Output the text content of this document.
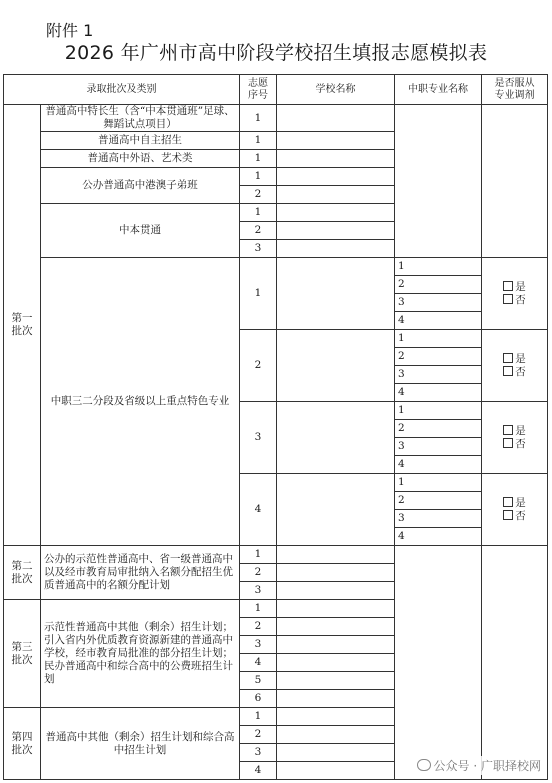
附件 1
2026 年广州市高中阶段学校招生填报志愿模拟表
录取批次及类别		志愿
序号	学校名称	中职专业名称	是否服从
专业调剂
第一
批次	普通高中特长生（含“中本贯通班”足球、舞蹈试点项目）	1			

	普通高中自主招生	1			
	普通高中外语、艺术类	1			
	公办普通高中港澳子弟班	1			
		2			
	中本贯通	1			
		2			
		3			
	中职三二分段及省级以上重点特色专业	1		1	是
否

				2	
				3	
				4	
		2		1	是
否

				2	
				3	
				4	
		3		1	是
否

				2	
				3	
				4	
		4		1	是
否

				2	
				3	
				4	
第二
批次	公办的示范性普通高中、省一级普通高中以及经市教育局审批纳入名额分配招生优质普通高中的名额分配计划	1			
		2			
		3			
第三
批次	示范性普通高中其他（剩余）招生计划；引入省内外优质教育资源新建的普通高中学校，经市教育局批准的部分招生计划；民办普通高中和综合高中的公费班招生计划	1			
		2			
		3			
		4			
		5			
		6			
第四
批次	普通高中其他（剩余）招生计划和综合高中招生计划	1			
		2			
		3			
		4				公众号 · 广职择校网
